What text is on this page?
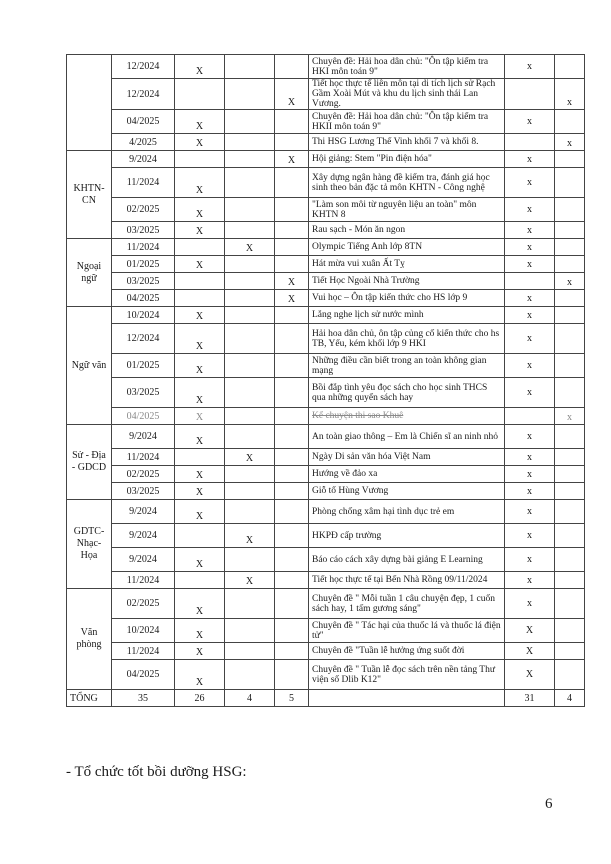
	12/2024	X			Chuyên đề: Hải hoa dân chủ: "Ôn tập kiểm tra HKI môn toán 9"	x	
	12/2024			X	Tiết học thực tế liên môn tại di tích lịch sử Rạch Gầm Xoài Mút và khu du lịch sinh thái Lan Vương.		x
	04/2025	X			Chuyên đề: Hải hoa dân chủ: "Ôn tập kiểm tra HKII môn toán 9"	x	
	4/2025	X			Thi HSG Lương Thế Vinh khối 7 và khối 8.		x
KHTN-CN	9/2024			X	Hội giảng: Stem "Pin điện hóa"	x	
	11/2024	X			Xây dựng ngân hàng đề kiểm tra, đánh giá học sinh theo bản đặc tả môn KHTN - Công nghệ	x	
	02/2025	X			"Làm son môi từ nguyên liệu an toàn" môn KHTN 8	x	
	03/2025	X			Rau sạch - Món ăn ngon	x	
Ngoại ngữ	11/2024		X		Olympic Tiếng Anh lớp 8TN	x	
	01/2025	X			Hát mừa vui xuân Ất Tỵ	x	
	03/2025			X	Tiết Học Ngoài Nhà Trường		x
	04/2025			X	Vui học – Ôn tập kiến thức cho HS lớp 9	x	
Ngữ văn	10/2024	X			Lắng nghe lịch sử nước mình	x	
	12/2024	X			Hải hoa dân chủ, ôn tập củng cố kiến thức cho hs TB, Yếu, kém khối lớp 9 HKI	x	
	01/2025	X			Những điều cần biết trong an toàn không gian mạng	x	
	03/2025	X			Bồi đắp tình yêu đọc sách cho học sinh THCS qua những quyển sách hay	x	
	04/2025	X			Kể chuyện thi sao Khuê		x
Sử - Địa - GDCD	9/2024	X			An toàn giao thông – Em là Chiến sĩ an ninh nhỏ	x	
	11/2024		X		Ngày Di sản văn hóa Việt Nam	x	
	02/2025	X			Hướng về đảo xa	x	
	03/2025	X			Giỗ tổ Hùng Vương	x	
GDTC-Nhạc-Họa	9/2024	X			Phòng chống xâm hại tình dục trẻ em	x	
	9/2024		X		HKPĐ cấp trường	x	
	9/2024	X			Báo cáo cách xây dựng bài giảng E Learning	x	
	11/2024		X		Tiết học thực tế tại Bến Nhà Rồng 09/11/2024	x	
Văn phòng	02/2025	X			Chuyên đề " Mỗi tuần 1 câu chuyện đẹp, 1 cuốn sách hay, 1 tấm gương sáng"	x	
	10/2024	X			Chuyên đề " Tác hại của thuốc lá và thuốc lá điện tử"	X	
	11/2024	X			Chuyên đề "Tuần lễ hưởng ứng suốt đời	X	
	04/2025	X			Chuyên đề " Tuần lễ đọc sách trên nền tảng Thư viện số Dlib K12"	X	
TỔNG	35	26	4	5		31	4

- Tổ chức tốt bồi dưỡng HSG:

6
